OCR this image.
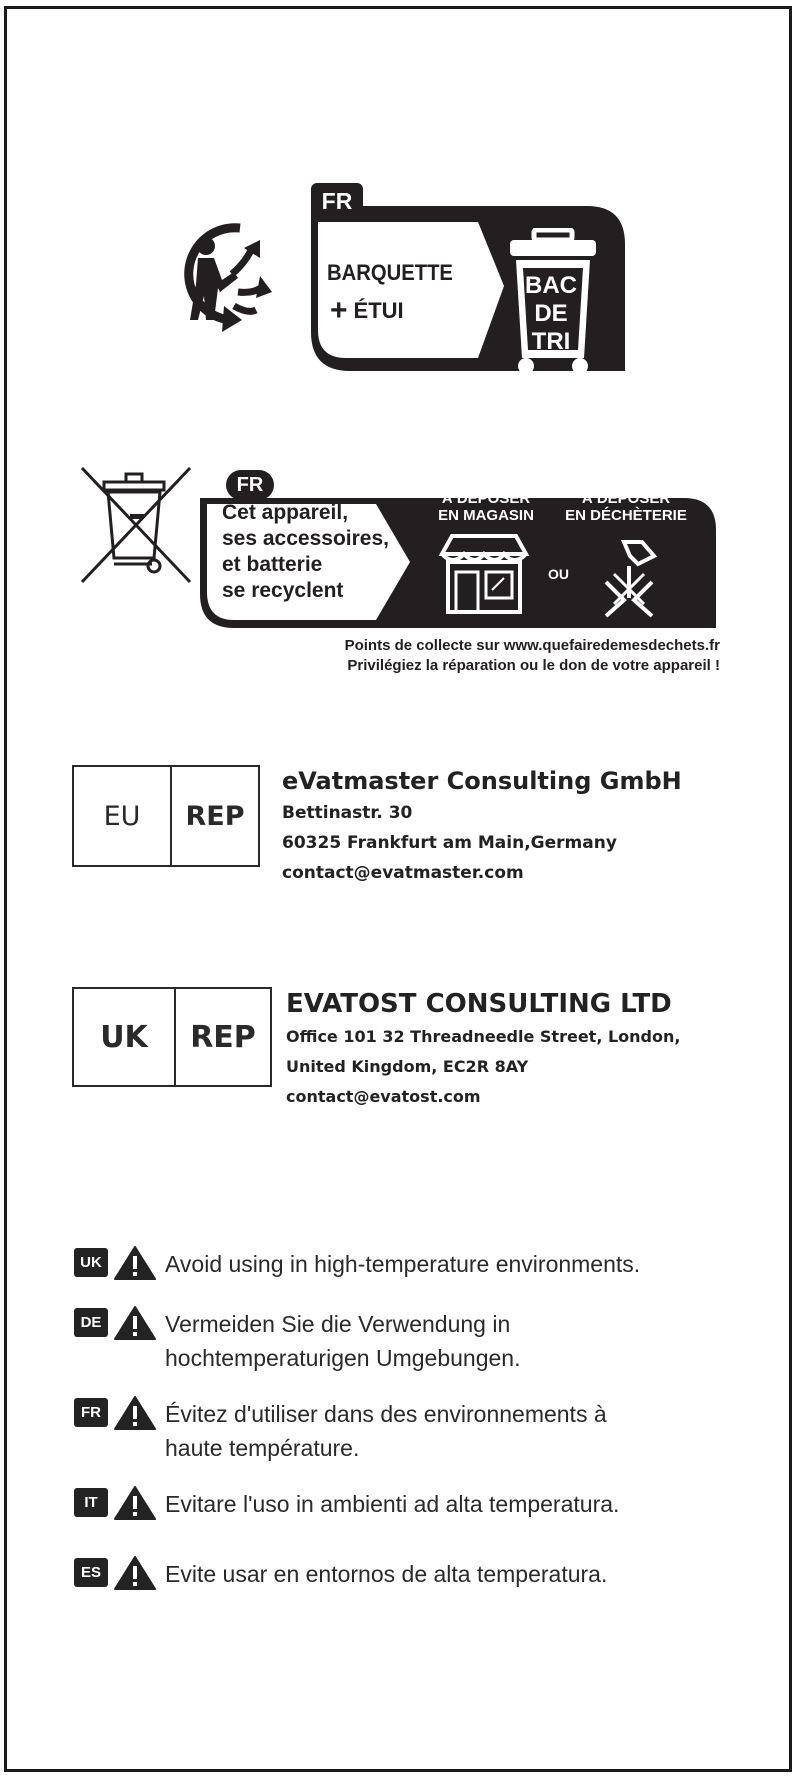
FR
BARQUETTE
+ ÉTUI
BAC
DE
TRI
FR
Cet appareil,
ses accessoires,
et batterie
se recyclent
À DÉPOSER
EN MAGASIN
À DÉPOSER
EN DÉCHÈTERIE
OU
Points de collecte sur www.quefairedemesdechets.fr
Privilégiez la réparation ou le don de votre appareil !
EU	REP
eVatmaster Consulting GmbH
Bettinastr. 30
60325 Frankfurt am Main,Germany
contact@evatmaster.com
UK	REP
EVATOST CONSULTING LTD
Office 101 32 Threadneedle Street, London,
United Kingdom, EC2R 8AY
contact@evatost.com
UK	Avoid using in high-temperature environments.
DE	Vermeiden Sie die Verwendung in
hochtemperaturigen Umgebungen.
FR	Évitez d'utiliser dans des environnements à
haute température.
IT	Evitare l'uso in ambienti ad alta temperatura.
ES	Evite usar en entornos de alta temperatura.
